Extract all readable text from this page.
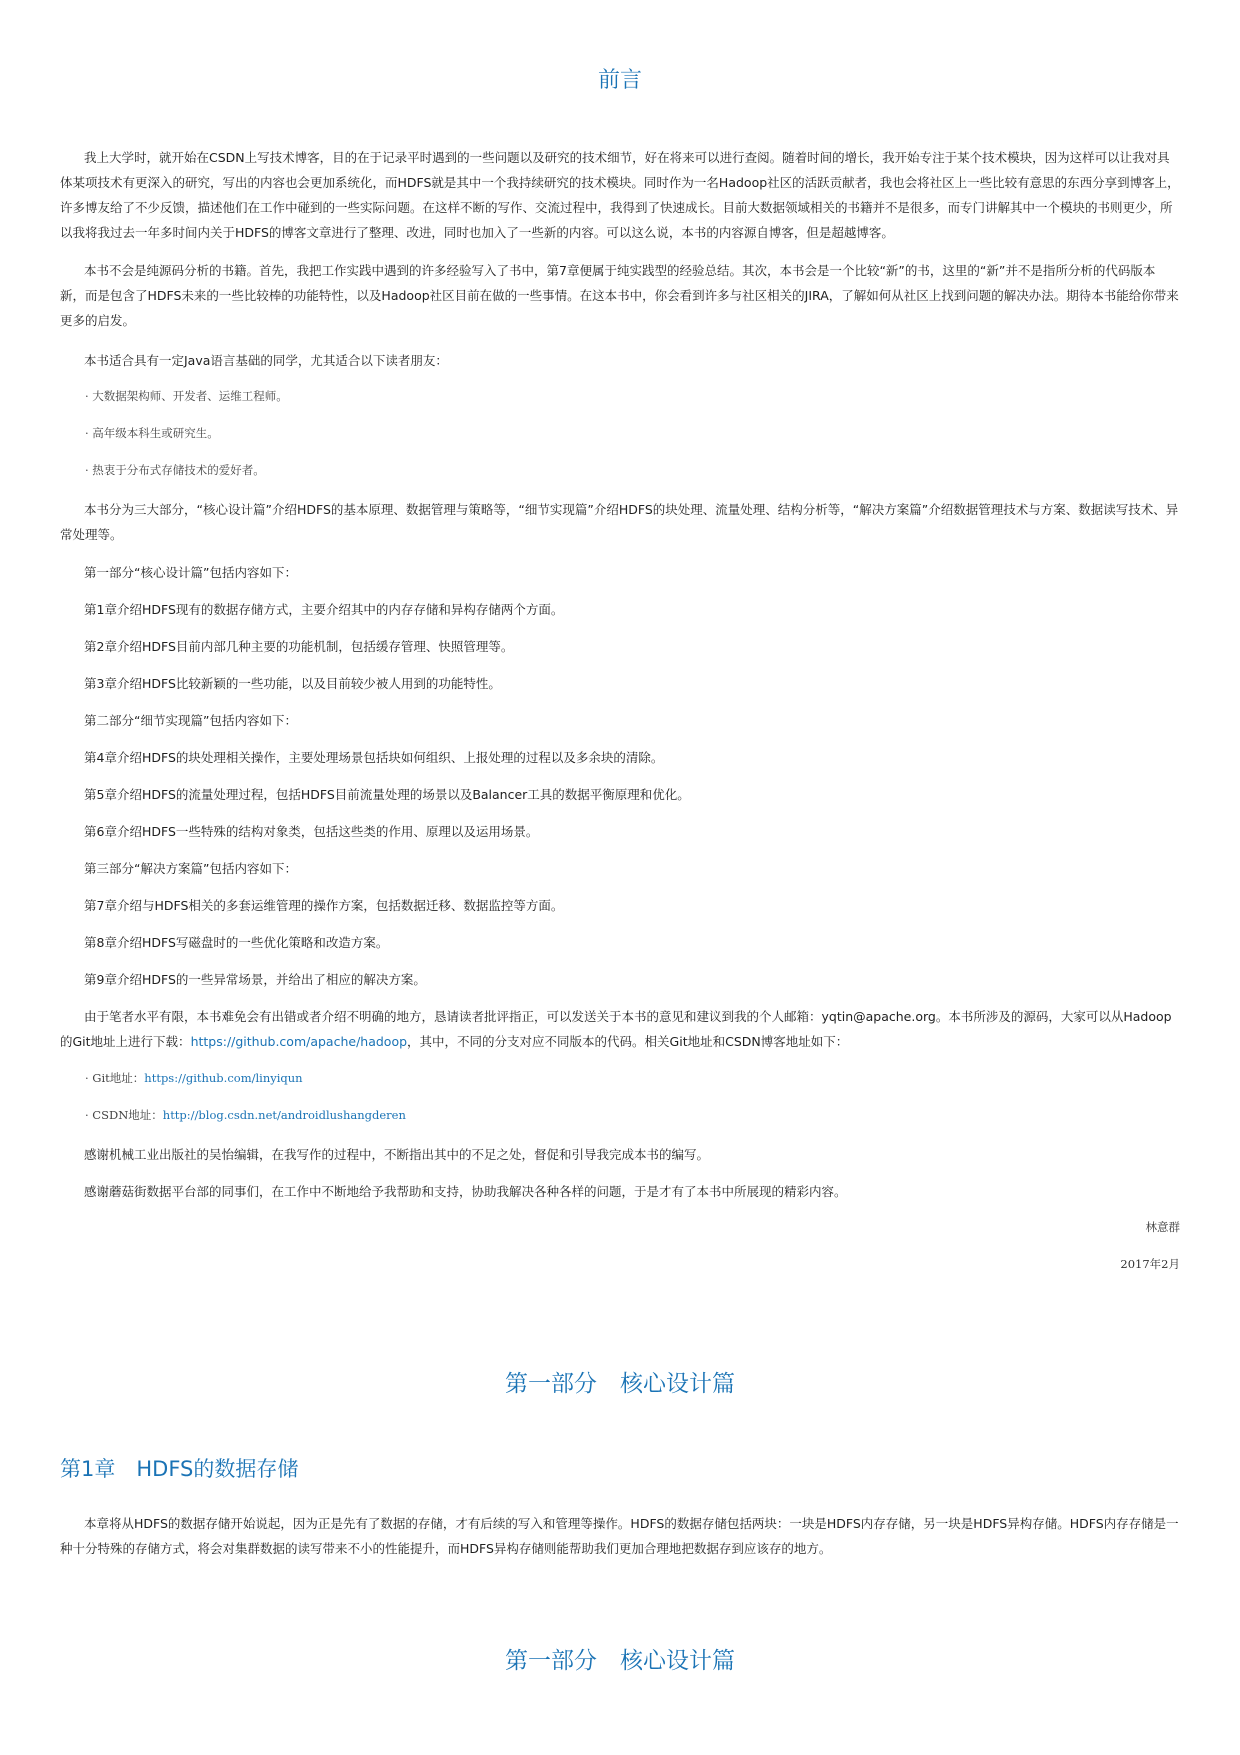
前言

我上大学时，就开始在CSDN上写技术博客，目的在于记录平时遇到的一些问题以及研究的技术细节，好在将来可以进行查阅。随着时间的增长，我开始专注于某个技术模块，因为这样可以让我对具体某项技术有更深入的研究，写出的内容也会更加系统化，而HDFS就是其中一个我持续研究的技术模块。同时作为一名Hadoop社区的活跃贡献者，我也会将社区上一些比较有意思的东西分享到博客上，许多博友给了不少反馈，描述他们在工作中碰到的一些实际问题。在这样不断的写作、交流过程中，我得到了快速成长。目前大数据领域相关的书籍并不是很多，而专门讲解其中一个模块的书则更少，所以我将我过去一年多时间内关于HDFS的博客文章进行了整理、改进，同时也加入了一些新的内容。可以这么说，本书的内容源自博客，但是超越博客。

本书不会是纯源码分析的书籍。首先，我把工作实践中遇到的许多经验写入了书中，第7章便属于纯实践型的经验总结。其次，本书会是一个比较“新”的书，这里的“新”并不是指所分析的代码版本新，而是包含了HDFS未来的一些比较棒的功能特性，以及Hadoop社区目前在做的一些事情。在这本书中，你会看到许多与社区相关的JIRA，了解如何从社区上找到问题的解决办法。期待本书能给你带来更多的启发。

本书适合具有一定Java语言基础的同学，尤其适合以下读者朋友：

· 大数据架构师、开发者、运维工程师。

· 高年级本科生或研究生。

· 热衷于分布式存储技术的爱好者。

本书分为三大部分，“核心设计篇”介绍HDFS的基本原理、数据管理与策略等，“细节实现篇”介绍HDFS的块处理、流量处理、结构分析等，“解决方案篇”介绍数据管理技术与方案、数据读写技术、异常处理等。

第一部分“核心设计篇”包括内容如下：

第1章介绍HDFS现有的数据存储方式，主要介绍其中的内存存储和异构存储两个方面。

第2章介绍HDFS目前内部几种主要的功能机制，包括缓存管理、快照管理等。

第3章介绍HDFS比较新颖的一些功能，以及目前较少被人用到的功能特性。

第二部分“细节实现篇”包括内容如下：

第4章介绍HDFS的块处理相关操作，主要处理场景包括块如何组织、上报处理的过程以及多余块的清除。

第5章介绍HDFS的流量处理过程，包括HDFS目前流量处理的场景以及Balancer工具的数据平衡原理和优化。

第6章介绍HDFS一些特殊的结构对象类，包括这些类的作用、原理以及运用场景。

第三部分“解决方案篇”包括内容如下：

第7章介绍与HDFS相关的多套运维管理的操作方案，包括数据迁移、数据监控等方面。

第8章介绍HDFS写磁盘时的一些优化策略和改造方案。

第9章介绍HDFS的一些异常场景，并给出了相应的解决方案。

由于笔者水平有限，本书难免会有出错或者介绍不明确的地方，恳请读者批评指正，可以发送关于本书的意见和建议到我的个人邮箱：yqtin@apache.org。本书所涉及的源码，大家可以从Hadoop的Git地址上进行下载：https://github.com/apache/hadoop，其中，不同的分支对应不同版本的代码。相关Git地址和CSDN博客地址如下：

· Git地址：https://github.com/linyiqun

· CSDN地址：http://blog.csdn.net/androidlushangderen

感谢机械工业出版社的吴怡编辑，在我写作的过程中，不断指出其中的不足之处，督促和引导我完成本书的编写。

感谢蘑菇街数据平台部的同事们，在工作中不断地给予我帮助和支持，协助我解决各种各样的问题，于是才有了本书中所展现的精彩内容。

林意群

2017年2月

第一部分　核心设计篇
第1章　HDFS的数据存储

本章将从HDFS的数据存储开始说起，因为正是先有了数据的存储，才有后续的写入和管理等操作。HDFS的数据存储包括两块：一块是HDFS内存存储，另一块是HDFS异构存储。HDFS内存存储是一种十分特殊的存储方式，将会对集群数据的读写带来不小的性能提升，而HDFS异构存储则能帮助我们更加合理地把数据存到应该存的地方。

第一部分　核心设计篇
